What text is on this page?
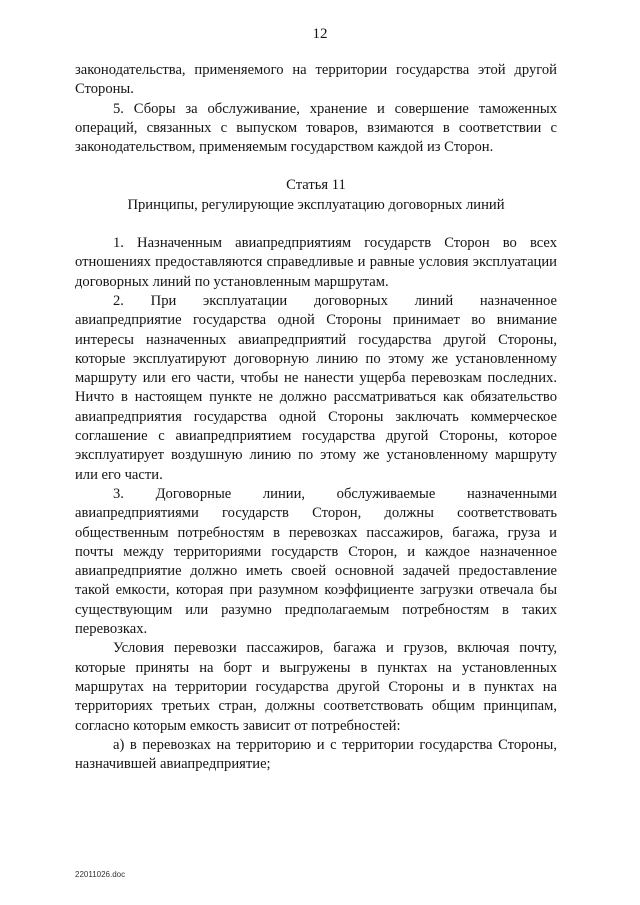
12

законодательства, применяемого на территории государства этой другой Стороны.

5. Сборы за обслуживание, хранение и совершение таможенных операций, связанных с выпуском товаров, взимаются в соответствии с законодательством, применяемым государством каждой из Сторон.

Статья 11

Принципы, регулирующие эксплуатацию договорных линий

1. Назначенным авиапредприятиям государств Сторон во всех отношениях предоставляются справедливые и равные условия эксплуатации договорных линий по установленным маршрутам.

2. При эксплуатации договорных линий назначенное

авиапредприятие государства одной Стороны принимает во внимание интересы назначенных авиапредприятий государства другой Стороны, которые эксплуатируют договорную линию по этому же установленному маршруту или его части, чтобы не нанести ущерба перевозкам последних. Ничто в настоящем пункте не должно рассматриваться как обязательство авиапредприятия государства одной Стороны заключать коммерческое соглашение с авиапредприятием государства другой Стороны, которое эксплуатирует воздушную линию по этому же установленному маршруту или его части.

3. Договорные линии, обслуживаемые назначенными

авиапредприятиями государств Сторон, должны соответствовать общественным потребностям в перевозках пассажиров, багажа, груза и почты между территориями государств Сторон, и каждое назначенное авиапредприятие должно иметь своей основной задачей предоставление такой емкости, которая при разумном коэффициенте загрузки отвечала бы существующим или разумно предполагаемым потребностям в таких перевозках.

Условия перевозки пассажиров, багажа и грузов, включая почту, которые приняты на борт и выгружены в пунктах на установленных маршрутах на территории государства другой Стороны и в пунктах на территориях третьих стран, должны соответствовать общим принципам, согласно которым емкость зависит от потребностей:

а) в перевозках на территорию и с территории государства Стороны, назначившей авиапредприятие;

22011026.doc
